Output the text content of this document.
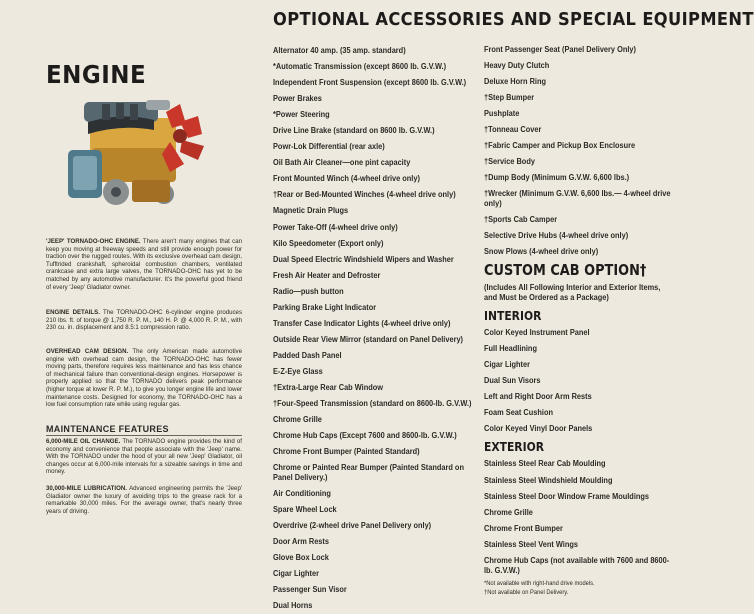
ENGINE
'JEEP' TORNADO-OHC ENGINE. There aren't many engines that can keep you moving at freeway speeds and still provide enough power for traction over the rugged routes. With its exclusive overhead cam design, Tufftrided crankshaft, spheroidal combustion chambers, ventilated crankcase and extra large valves, the TORNADO-OHC has yet to be matched by any automotive manufacturer. It's the powerful good friend of every 'Jeep' Gladiator owner.
ENGINE DETAILS. The TORNADO-OHC 6-cylinder engine produces 210 lbs. ft. of torque @ 1,750 R. P. M., 140 H. P. @ 4,000 R. P. M., with 230 cu. in. displacement and 8.5:1 compression ratio.
OVERHEAD CAM DESIGN. The only American made automotive engine with overhead cam design, the TORNADO-OHC has fewer moving parts, therefore requires less maintenance and has less chance of mechanical failure than conventional-design engines. Horsepower is properly applied so that the TORNADO delivers peak performance (higher torque at lower R. P. M.), to give you longer engine life and lower maintenance costs. Designed for economy, the TORNADO-OHC has a low fuel consumption rate while using regular gas.
MAINTENANCE FEATURES
6,000-MILE OIL CHANGE. The TORNADO engine provides the kind of economy and convenience that people associate with the 'Jeep' name. With the TORNADO under the hood of your all new 'Jeep' Gladiator, oil changes occur at 6,000-mile intervals for a sizeable savings in time and money.
30,000-MILE LUBRICATION. Advanced engineering permits the 'Jeep' Gladiator owner the luxury of avoiding trips to the grease rack for a remarkable 30,000 miles. For the average owner, that's nearly three years of driving.
OPTIONAL ACCESSORIES AND SPECIAL EQUIPMENT
Alternator 40 amp. (35 amp. standard)
*Automatic Transmission (except 8600 lb. G.V.W.)
Independent Front Suspension (except 8600 lb. G.V.W.)
Power Brakes
*Power Steering
Drive Line Brake (standard on 8600 lb. G.V.W.)
Powr-Lok Differential (rear axle)
Oil Bath Air Cleaner—one pint capacity
Front Mounted Winch (4-wheel drive only)
†Rear or Bed-Mounted Winches (4-wheel drive only)
Magnetic Drain Plugs
Power Take-Off (4-wheel drive only)
Kilo Speedometer (Export only)
Dual Speed Electric Windshield Wipers and Washer
Fresh Air Heater and Defroster
Radio—push button
Parking Brake Light Indicator
Transfer Case Indicator Lights (4-wheel drive only)
Outside Rear View Mirror (standard on Panel Delivery)
Padded Dash Panel
E-Z-Eye Glass
†Extra-Large Rear Cab Window
†Four-Speed Transmission (standard on 8600-lb. G.V.W.)
Chrome Grille
Chrome Hub Caps (Except 7600 and 8600-lb. G.V.W.)
Chrome Front Bumper (Painted Standard)
Chrome or Painted Rear Bumper (Painted Standard on Panel Delivery.)
Air Conditioning
Spare Wheel Lock
Overdrive (2-wheel drive Panel Delivery only)
Door Arm Rests
Glove Box Lock
Cigar Lighter
Passenger Sun Visor
Dual Horns
Front Passenger Seat (Panel Delivery Only)
Heavy Duty Clutch
Deluxe Horn Ring
†Step Bumper
Pushplate
†Tonneau Cover
†Fabric Camper and Pickup Box Enclosure
†Service Body
†Dump Body (Minimum G.V.W. 6,600 lbs.)
†Wrecker (Minimum G.V.W. 6,600 lbs.— 4-wheel drive only)
†Sports Cab Camper
Selective Drive Hubs (4-wheel drive only)
Snow Plows (4-wheel drive only)
CUSTOM CAB OPTION†
(Includes All Following Interior and Exterior Items, and Must be Ordered as a Package)
INTERIOR
Color Keyed Instrument Panel
Full Headlining
Cigar Lighter
Dual Sun Visors
Left and Right Door Arm Rests
Foam Seat Cushion
Color Keyed Vinyl Door Panels
EXTERIOR
Stainless Steel Rear Cab Moulding
Stainless Steel Windshield Moulding
Stainless Steel Door Window Frame Mouldings
Chrome Grille
Chrome Front Bumper
Stainless Steel Vent Wings
Chrome Hub Caps (not available with 7600 and 8600-lb. G.V.W.)
*Not available with right-hand drive models.
†Not available on Panel Delivery.
